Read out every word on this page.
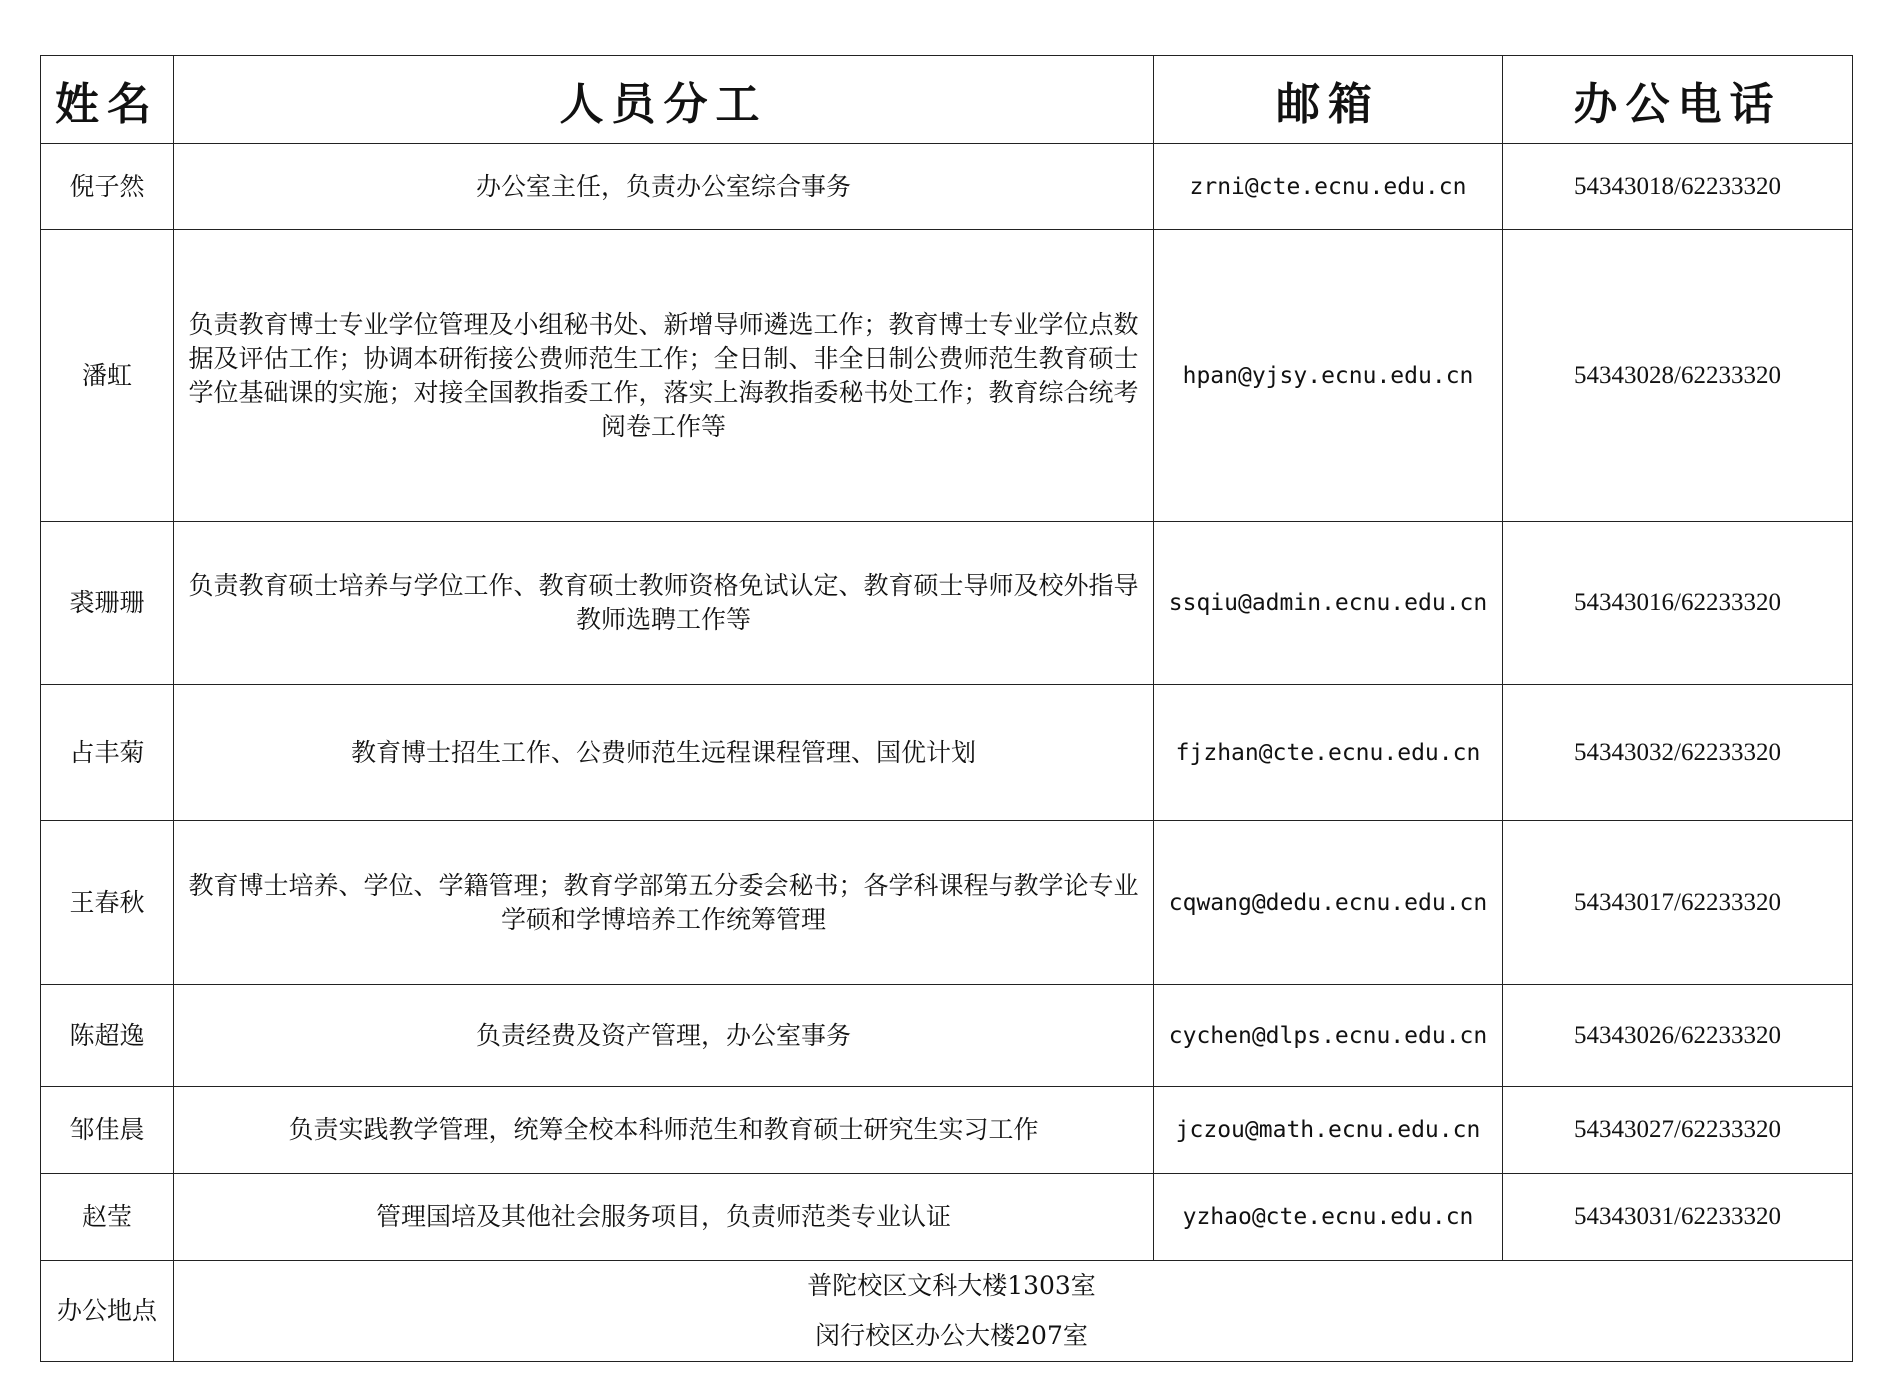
姓名	人员分工	邮箱	办公电话
倪子然	办公室主任，负责办公室综合事务	zrni@cte.ecnu.edu.cn	54343018/62233320
潘虹	负责教育博士专业学位管理及小组秘书处、新增导师遴选工作；教育博士专业学位点数据及评估工作；协调本研衔接公费师范生工作；全日制、非全日制公费师范生教育硕士学位基础课的实施；对接全国教指委工作，落实上海教指委秘书处工作；教育综合统考阅卷工作等	hpan@yjsy.ecnu.edu.cn	54343028/62233320
裘珊珊	负责教育硕士培养与学位工作、教育硕士教师资格免试认定、教育硕士导师及校外指导教师选聘工作等	ssqiu@admin.ecnu.edu.cn	54343016/62233320
占丰菊	教育博士招生工作、公费师范生远程课程管理、国优计划	fjzhan@cte.ecnu.edu.cn	54343032/62233320
王春秋	教育博士培养、学位、学籍管理；教育学部第五分委会秘书；各学科课程与教学论专业学硕和学博培养工作统筹管理	cqwang@dedu.ecnu.edu.cn	54343017/62233320
陈超逸	负责经费及资产管理，办公室事务	cychen@dlps.ecnu.edu.cn	54343026/62233320
邹佳晨	负责实践教学管理，统筹全校本科师范生和教育硕士研究生实习工作	jczou@math.ecnu.edu.cn	54343027/62233320
赵莹	管理国培及其他社会服务项目，负责师范类专业认证	yzhao@cte.ecnu.edu.cn	54343031/62233320
办公地点	普陀校区文科大楼1303室
闵行校区办公大楼207室		
